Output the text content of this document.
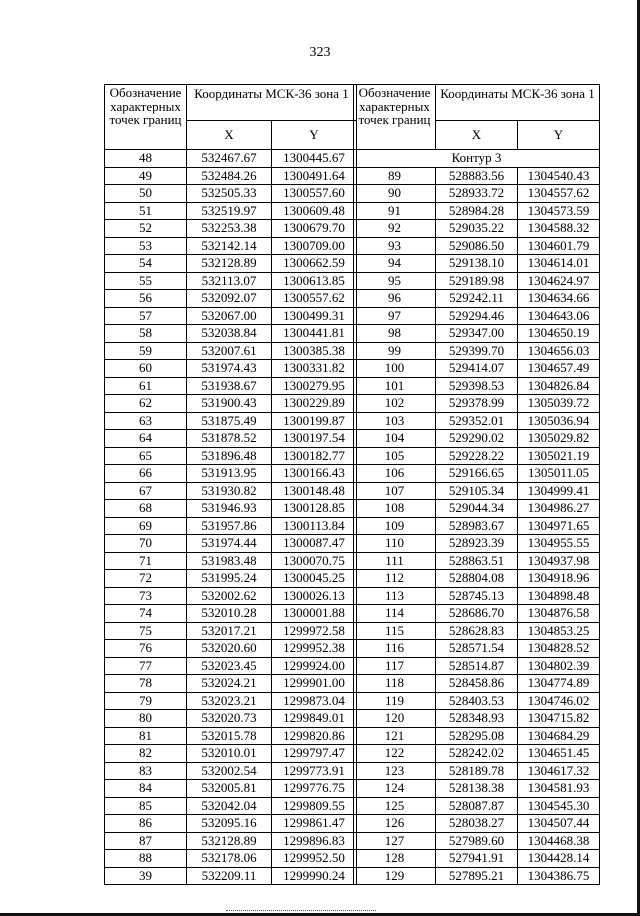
323
Обозначение характерных точек границ	Координаты МСК-36 зона 1	
	X	Y
48	532467.67	1300445.67
49	532484.26	1300491.64
50	532505.33	1300557.60
51	532519.97	1300609.48
52	532253.38	1300679.70
53	532142.14	1300709.00
54	532128.89	1300662.59
55	532113.07	1300613.85
56	532092.07	1300557.62
57	532067.00	1300499.31
58	532038.84	1300441.81
59	532007.61	1300385.38
60	531974.43	1300331.82
61	531938.67	1300279.95
62	531900.43	1300229.89
63	531875.49	1300199.87
64	531878.52	1300197.54
65	531896.48	1300182.77
66	531913.95	1300166.43
67	531930.82	1300148.48
68	531946.93	1300128.85
69	531957.86	1300113.84
70	531974.44	1300087.47
71	531983.48	1300070.75
72	531995.24	1300045.25
73	532002.62	1300026.13
74	532010.28	1300001.88
75	532017.21	1299972.58
76	532020.60	1299952.38
77	532023.45	1299924.00
78	532024.21	1299901.00
79	532023.21	1299873.04
80	532020.73	1299849.01
81	532015.78	1299820.86
82	532010.01	1299797.47
83	532002.54	1299773.91
84	532005.81	1299776.75
85	532042.04	1299809.55
86	532095.16	1299861.47
87	532128.89	1299896.83
88	532178.06	1299952.50
39	532209.11	1299990.24
Обозначение характерных точек границ	Координаты МСК-36 зона 1	
	X	Y
Контур 3		
89	528883.56	1304540.43
90	528933.72	1304557.62
91	528984.28	1304573.59
92	529035.22	1304588.32
93	529086.50	1304601.79
94	529138.10	1304614.01
95	529189.98	1304624.97
96	529242.11	1304634.66
97	529294.46	1304643.06
98	529347.00	1304650.19
99	529399.70	1304656.03
100	529414.07	1304657.49
101	529398.53	1304826.84
102	529378.99	1305039.72
103	529352.01	1305036.94
104	529290.02	1305029.82
105	529228.22	1305021.19
106	529166.65	1305011.05
107	529105.34	1304999.41
108	529044.34	1304986.27
109	528983.67	1304971.65
110	528923.39	1304955.55
111	528863.51	1304937.98
112	528804.08	1304918.96
113	528745.13	1304898.48
114	528686.70	1304876.58
115	528628.83	1304853.25
116	528571.54	1304828.52
117	528514.87	1304802.39
118	528458.86	1304774.89
119	528403.53	1304746.02
120	528348.93	1304715.82
121	528295.08	1304684.29
122	528242.02	1304651.45
123	528189.78	1304617.32
124	528138.38	1304581.93
125	528087.87	1304545.30
126	528038.27	1304507.44
127	527989.60	1304468.38
128	527941.91	1304428.14
129	527895.21	1304386.75
